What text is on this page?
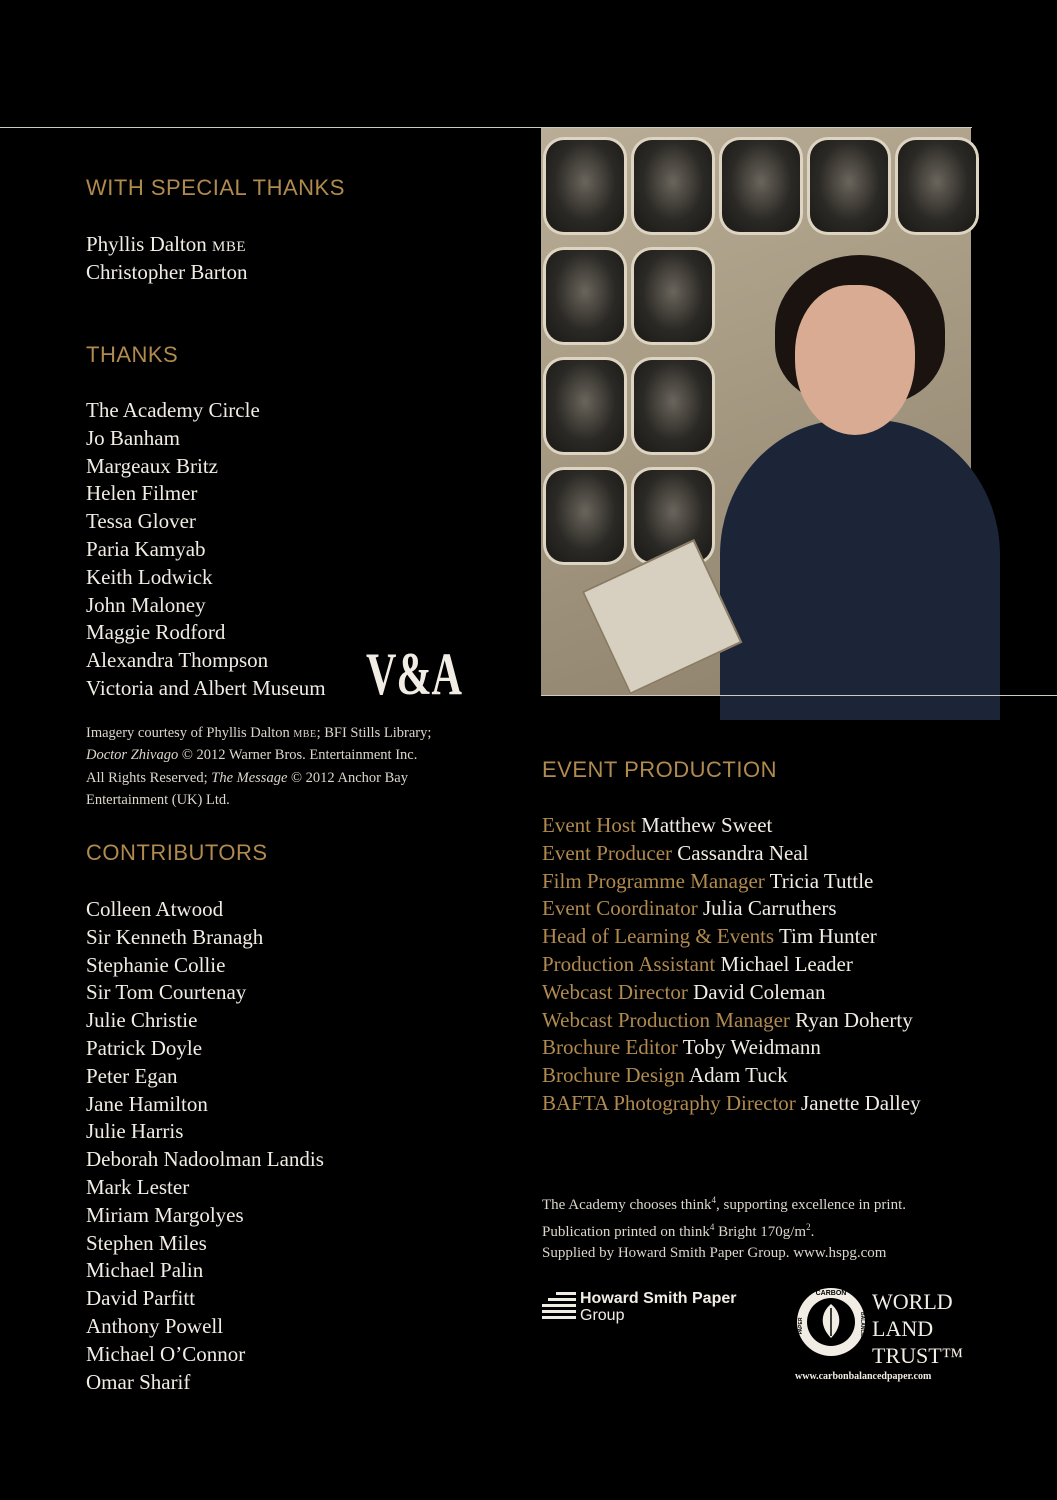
WITH SPECIAL THANKS
Phyllis Dalton mbe
Christopher Barton
THANKS
The Academy Circle
Jo Banham
Margeaux Britz
Helen Filmer
Tessa Glover
Paria Kamyab
Keith Lodwick
John Maloney
Maggie Rodford
Alexandra Thompson
Victoria and Albert Museum V&A
Imagery courtesy of Phyllis Dalton mbe; BFI Stills Library;
Doctor Zhivago © 2012 Warner Bros. Entertainment Inc.
All Rights Reserved; The Message © 2012 Anchor Bay
Entertainment (UK) Ltd.
CONTRIBUTORS
Colleen Atwood
Sir Kenneth Branagh
Stephanie Collie
Sir Tom Courtenay
Julie Christie
Patrick Doyle
Peter Egan
Jane Hamilton
Julie Harris
Deborah Nadoolman Landis
Mark Lester
Miriam Margolyes
Stephen Miles
Michael Palin
David Parfitt
Anthony Powell
Michael O’Connor
Omar Sharif
EVENT PRODUCTION
Event Host Matthew Sweet
Event Producer Cassandra Neal
Film Programme Manager Tricia Tuttle
Event Coordinator Julia Carruthers
Head of Learning & Events Tim Hunter
Production Assistant Michael Leader
Webcast Director David Coleman
Webcast Production Manager Ryan Doherty
Brochure Editor Toby Weidmann
Brochure Design Adam Tuck
BAFTA Photography Director Janette Dalley
The Academy chooses think$^4$, supporting excellence in print.
Publication printed on think$^4$ Bright $170g/m^2$.
Supplied by Howard Smith Paper Group. www.hspg.com
Howard Smith Paper
Group
CARBON
BALANCED
PAPER
WORLD
LAND
TRUST™
www.carbonbalancedpaper.com
